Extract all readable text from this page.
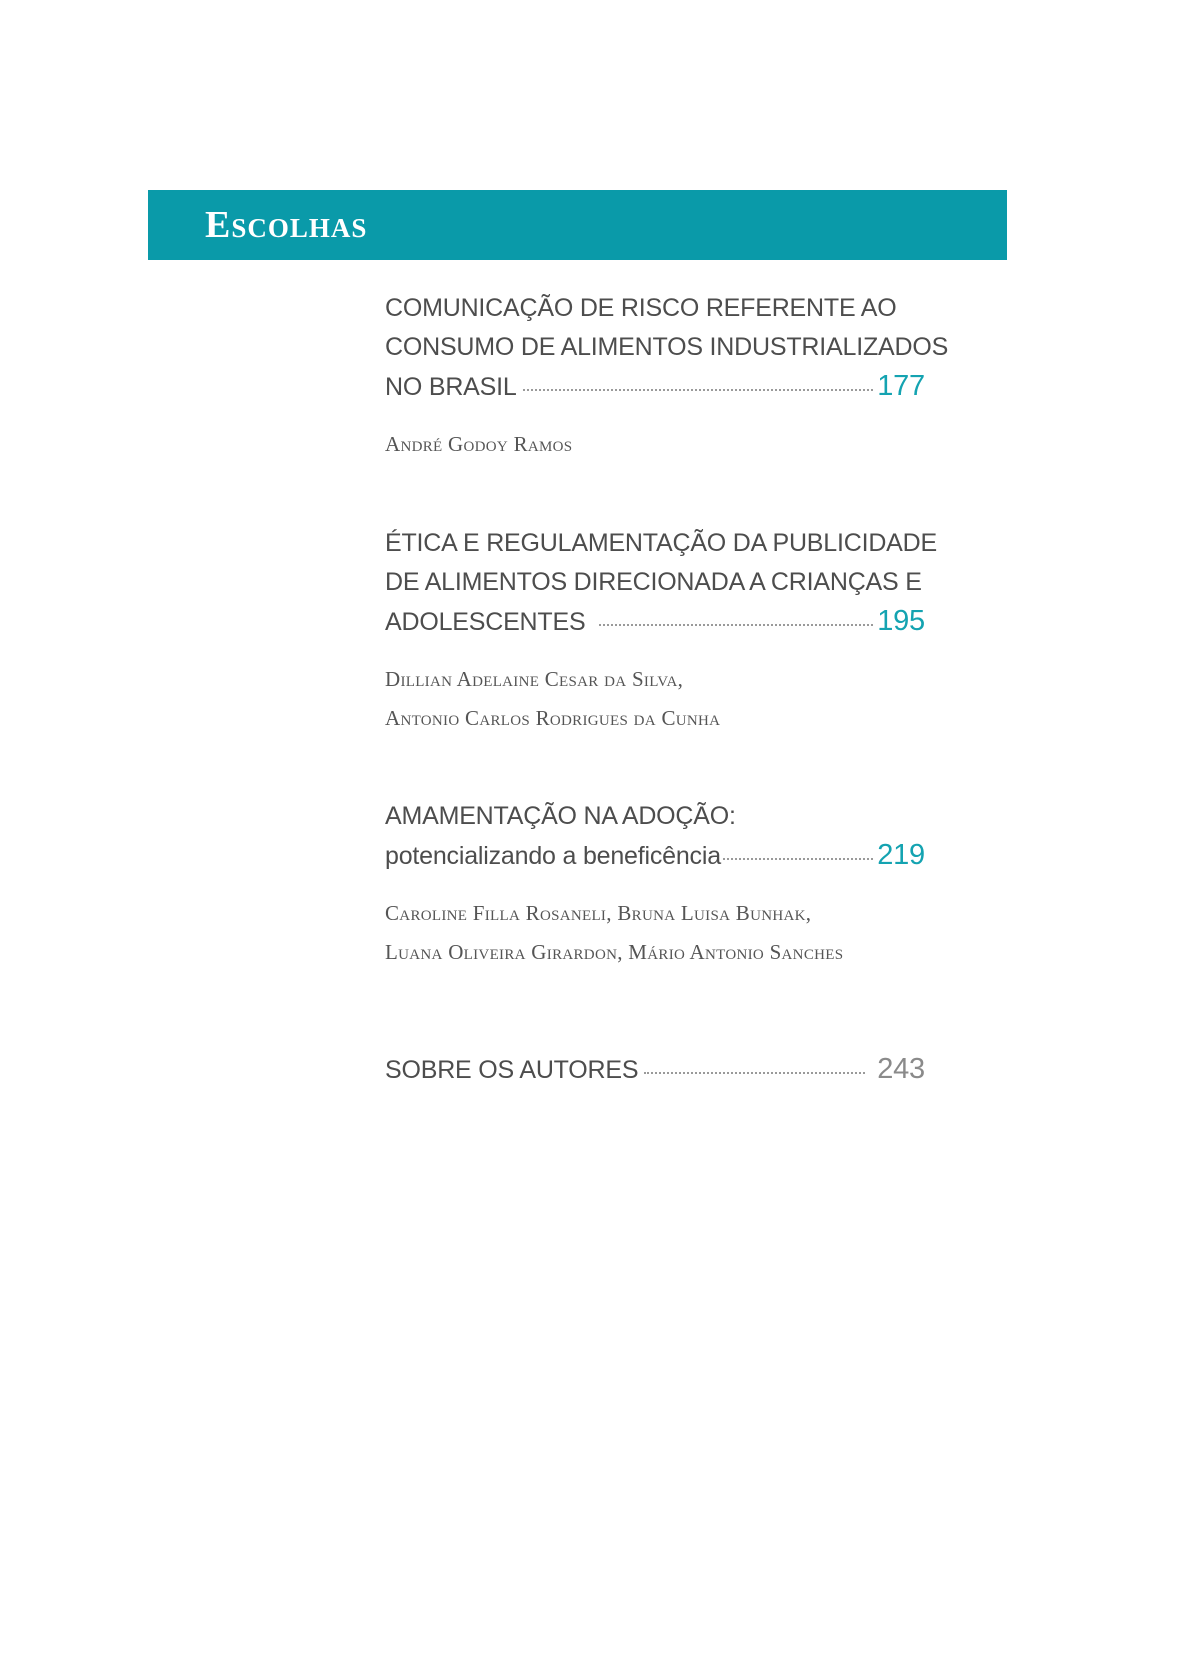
Escolhas
COMUNICAÇÃO DE RISCO REFERENTE AO
CONSUMO DE ALIMENTOS INDUSTRIALIZADOS
NO BRASIL	177
André Godoy Ramos
ÉTICA E REGULAMENTAÇÃO DA PUBLICIDADE
DE ALIMENTOS DIRECIONADA A CRIANÇAS E
ADOLESCENTES	195
Dillian Adelaine Cesar da Silva,
Antonio Carlos Rodrigues da Cunha
AMAMENTAÇÃO NA ADOÇÃO:
potencializando a beneficência	219
Caroline Filla Rosaneli, Bruna Luisa Bunhak,
Luana Oliveira Girardon, Mário Antonio Sanches
SOBRE OS AUTORES	243
